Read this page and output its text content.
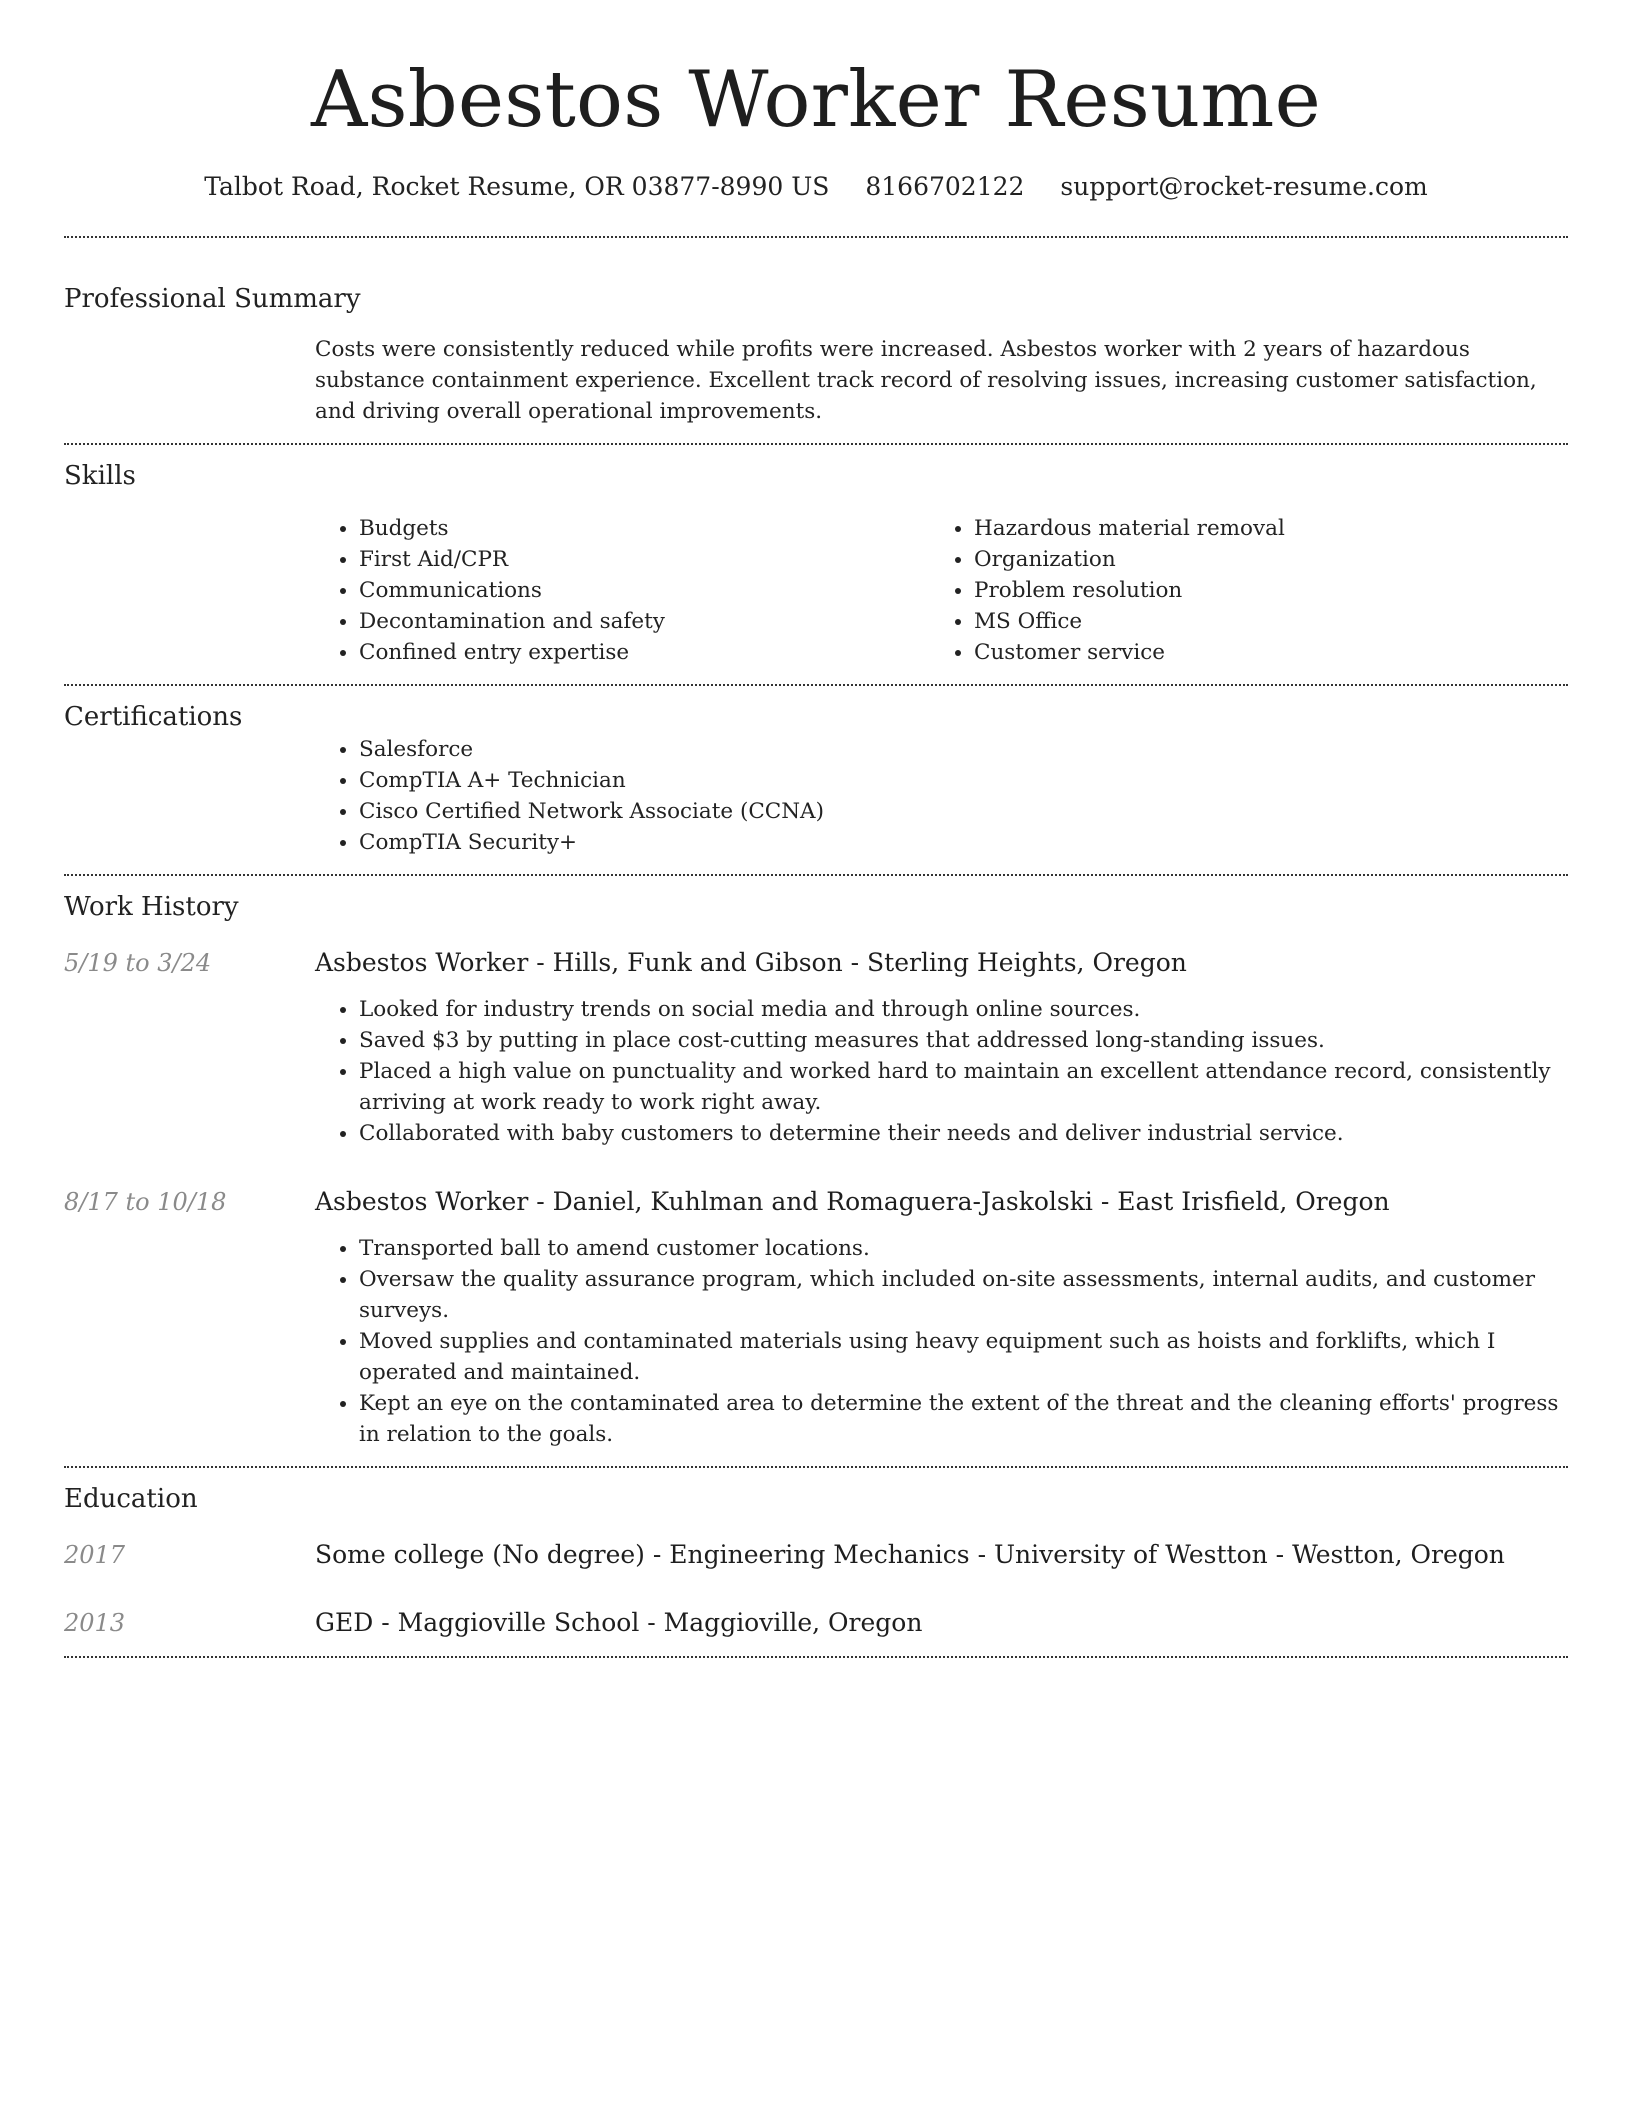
Asbestos Worker Resume
Talbot Road, Rocket Resume, OR 03877-8990 US 8166702122 support@rocket-resume.com
Professional Summary

Costs were consistently reduced while profits were increased. Asbestos worker with 2 years of hazardous substance containment experience. Excellent track record of resolving issues, increasing customer satisfaction, and driving overall operational improvements.

Skills
• Budgets
• First Aid/CPR
• Communications
• Decontamination and safety
• Confined entry expertise
• Hazardous material removal
• Organization
• Problem resolution
• MS Office
• Customer service
Certifications
• Salesforce
• CompTIA A+ Technician
• Cisco Certified Network Associate (CCNA)
• CompTIA Security+
Work History
5/19 to 3/24	Asbestos Worker - Hills, Funk and Gibson - Sterling Heights, Oregon
• Looked for industry trends on social media and through online sources.
• Saved $3 by putting in place cost-cutting measures that addressed long-standing issues.
• Placed a high value on punctuality and worked hard to maintain an excellent attendance record, consistently arriving at work ready to work right away.
• Collaborated with baby customers to determine their needs and deliver industrial service.
8/17 to 10/18	Asbestos Worker - Daniel, Kuhlman and Romaguera-Jaskolski - East Irisfield, Oregon
• Transported ball to amend customer locations.
• Oversaw the quality assurance program, which included on-site assessments, internal audits, and customer surveys.
• Moved supplies and contaminated materials using heavy equipment such as hoists and forklifts, which I operated and maintained.
• Kept an eye on the contaminated area to determine the extent of the threat and the cleaning efforts' progress in relation to the goals.
Education
2017	Some college (No degree) - Engineering Mechanics - University of Westton - Westton, Oregon
2013	GED - Maggioville School - Maggioville, Oregon
